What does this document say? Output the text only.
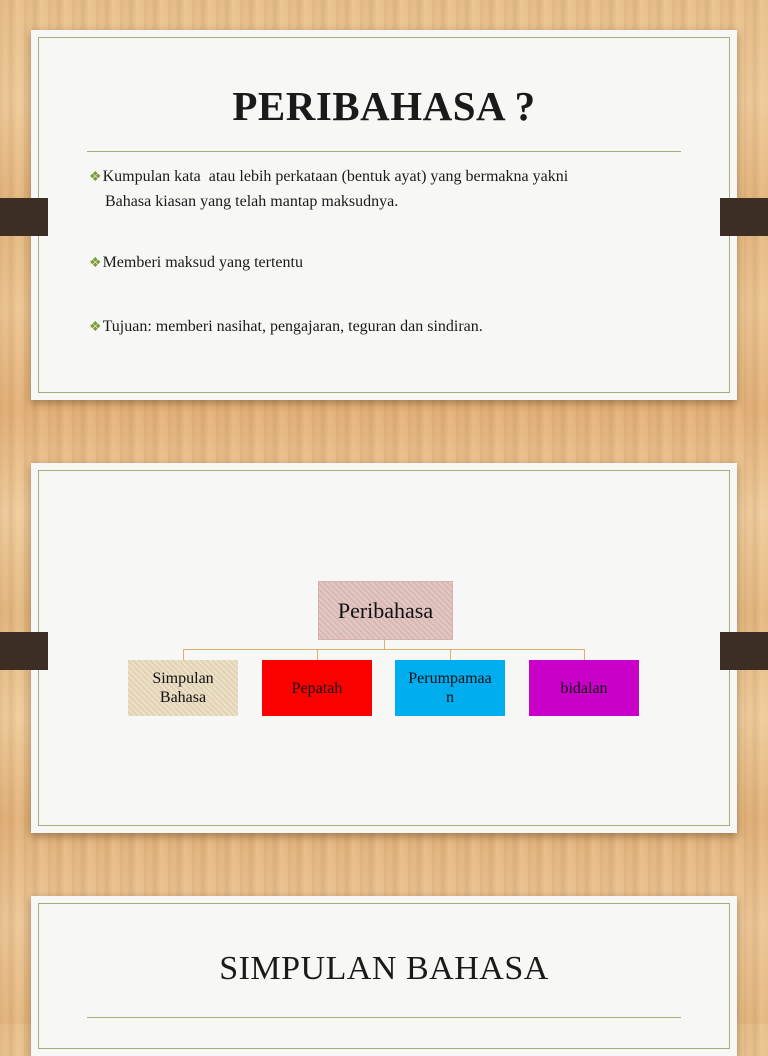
PERIBAHASA ?
❖Kumpulan kata  atau lebih perkataan (bentuk ayat) yang bermakna yakni
Bahasa kiasan yang telah mantap maksudnya.
❖Memberi maksud yang tertentu
❖Tujuan: memberi nasihat, pengajaran, teguran dan sindiran.
Peribahasa
Simpulan
Bahasa
Pepatah
Perumpamaa
n
bidalan
SIMPULAN BAHASA
